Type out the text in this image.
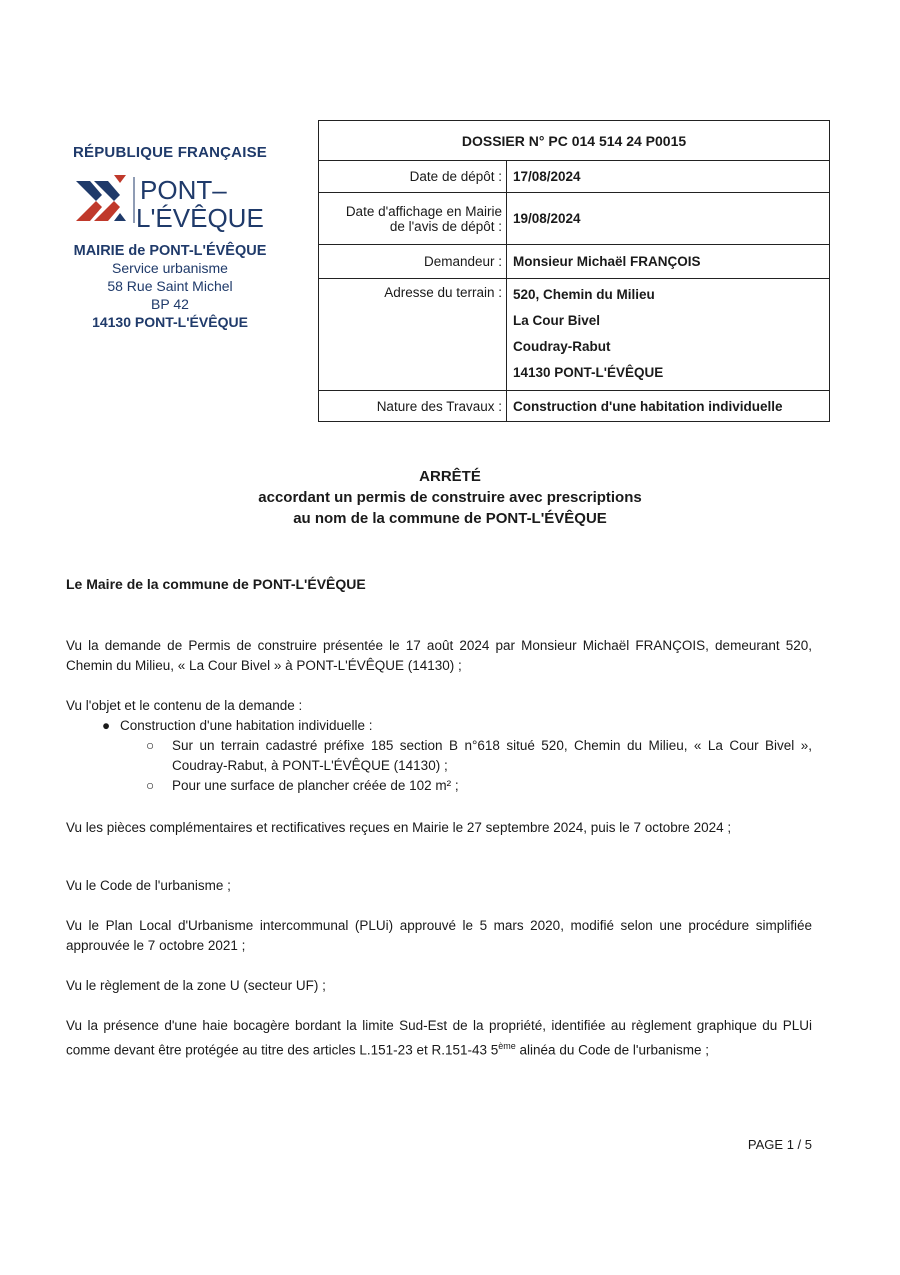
RÉPUBLIQUE FRANÇAISE
PONT–
L'ÉVÊQUE
MAIRIE de PONT-L'ÉVÊQUE
Service urbanisme
58 Rue Saint Michel
BP 42
14130 PONT-L'ÉVÊQUE
DOSSIER N° PC 014 514 24 P0015
Date de dépôt : 17/08/2024
Date d'affichage en Mairie
de l'avis de dépôt : 19/08/2024
Demandeur : Monsieur Michaël FRANÇOIS
Adresse du terrain : 520, Chemin du Milieu
La Cour Bivel
Coudray-Rabut
14130 PONT-L'ÉVÊQUE
Nature des Travaux : Construction d'une habitation individuelle
ARRÊTÉ
accordant un permis de construire avec prescriptions
au nom de la commune de PONT-L'ÉVÊQUE
Le Maire de la commune de PONT-L'ÉVÊQUE
Vu la demande de Permis de construire présentée le 17 août 2024 par Monsieur Michaël FRANÇOIS, demeurant 520, Chemin du Milieu, « La Cour Bivel » à PONT-L'ÉVÊQUE (14130) ;
Vu l'objet et le contenu de la demande :
● Construction d'une habitation individuelle :
○ Sur un terrain cadastré préfixe 185 section B n°618 situé 520, Chemin du Milieu, « La Cour Bivel », Coudray-Rabut, à PONT-L'ÉVÊQUE (14130) ;
○ Pour une surface de plancher créée de 102 m² ;
Vu les pièces complémentaires et rectificatives reçues en Mairie le 27 septembre 2024, puis le 7 octobre 2024 ;
Vu le Code de l'urbanisme ;
Vu le Plan Local d'Urbanisme intercommunal (PLUi) approuvé le 5 mars 2020, modifié selon une procédure simplifiée approuvée le 7 octobre 2021 ;
Vu le règlement de la zone U (secteur UF) ;
Vu la présence d'une haie bocagère bordant la limite Sud-Est de la propriété, identifiée au règlement graphique du PLUi comme devant être protégée au titre des articles L.151-23 et R.151-43 5ème alinéa du Code de l'urbanisme ;
PAGE 1 / 5
